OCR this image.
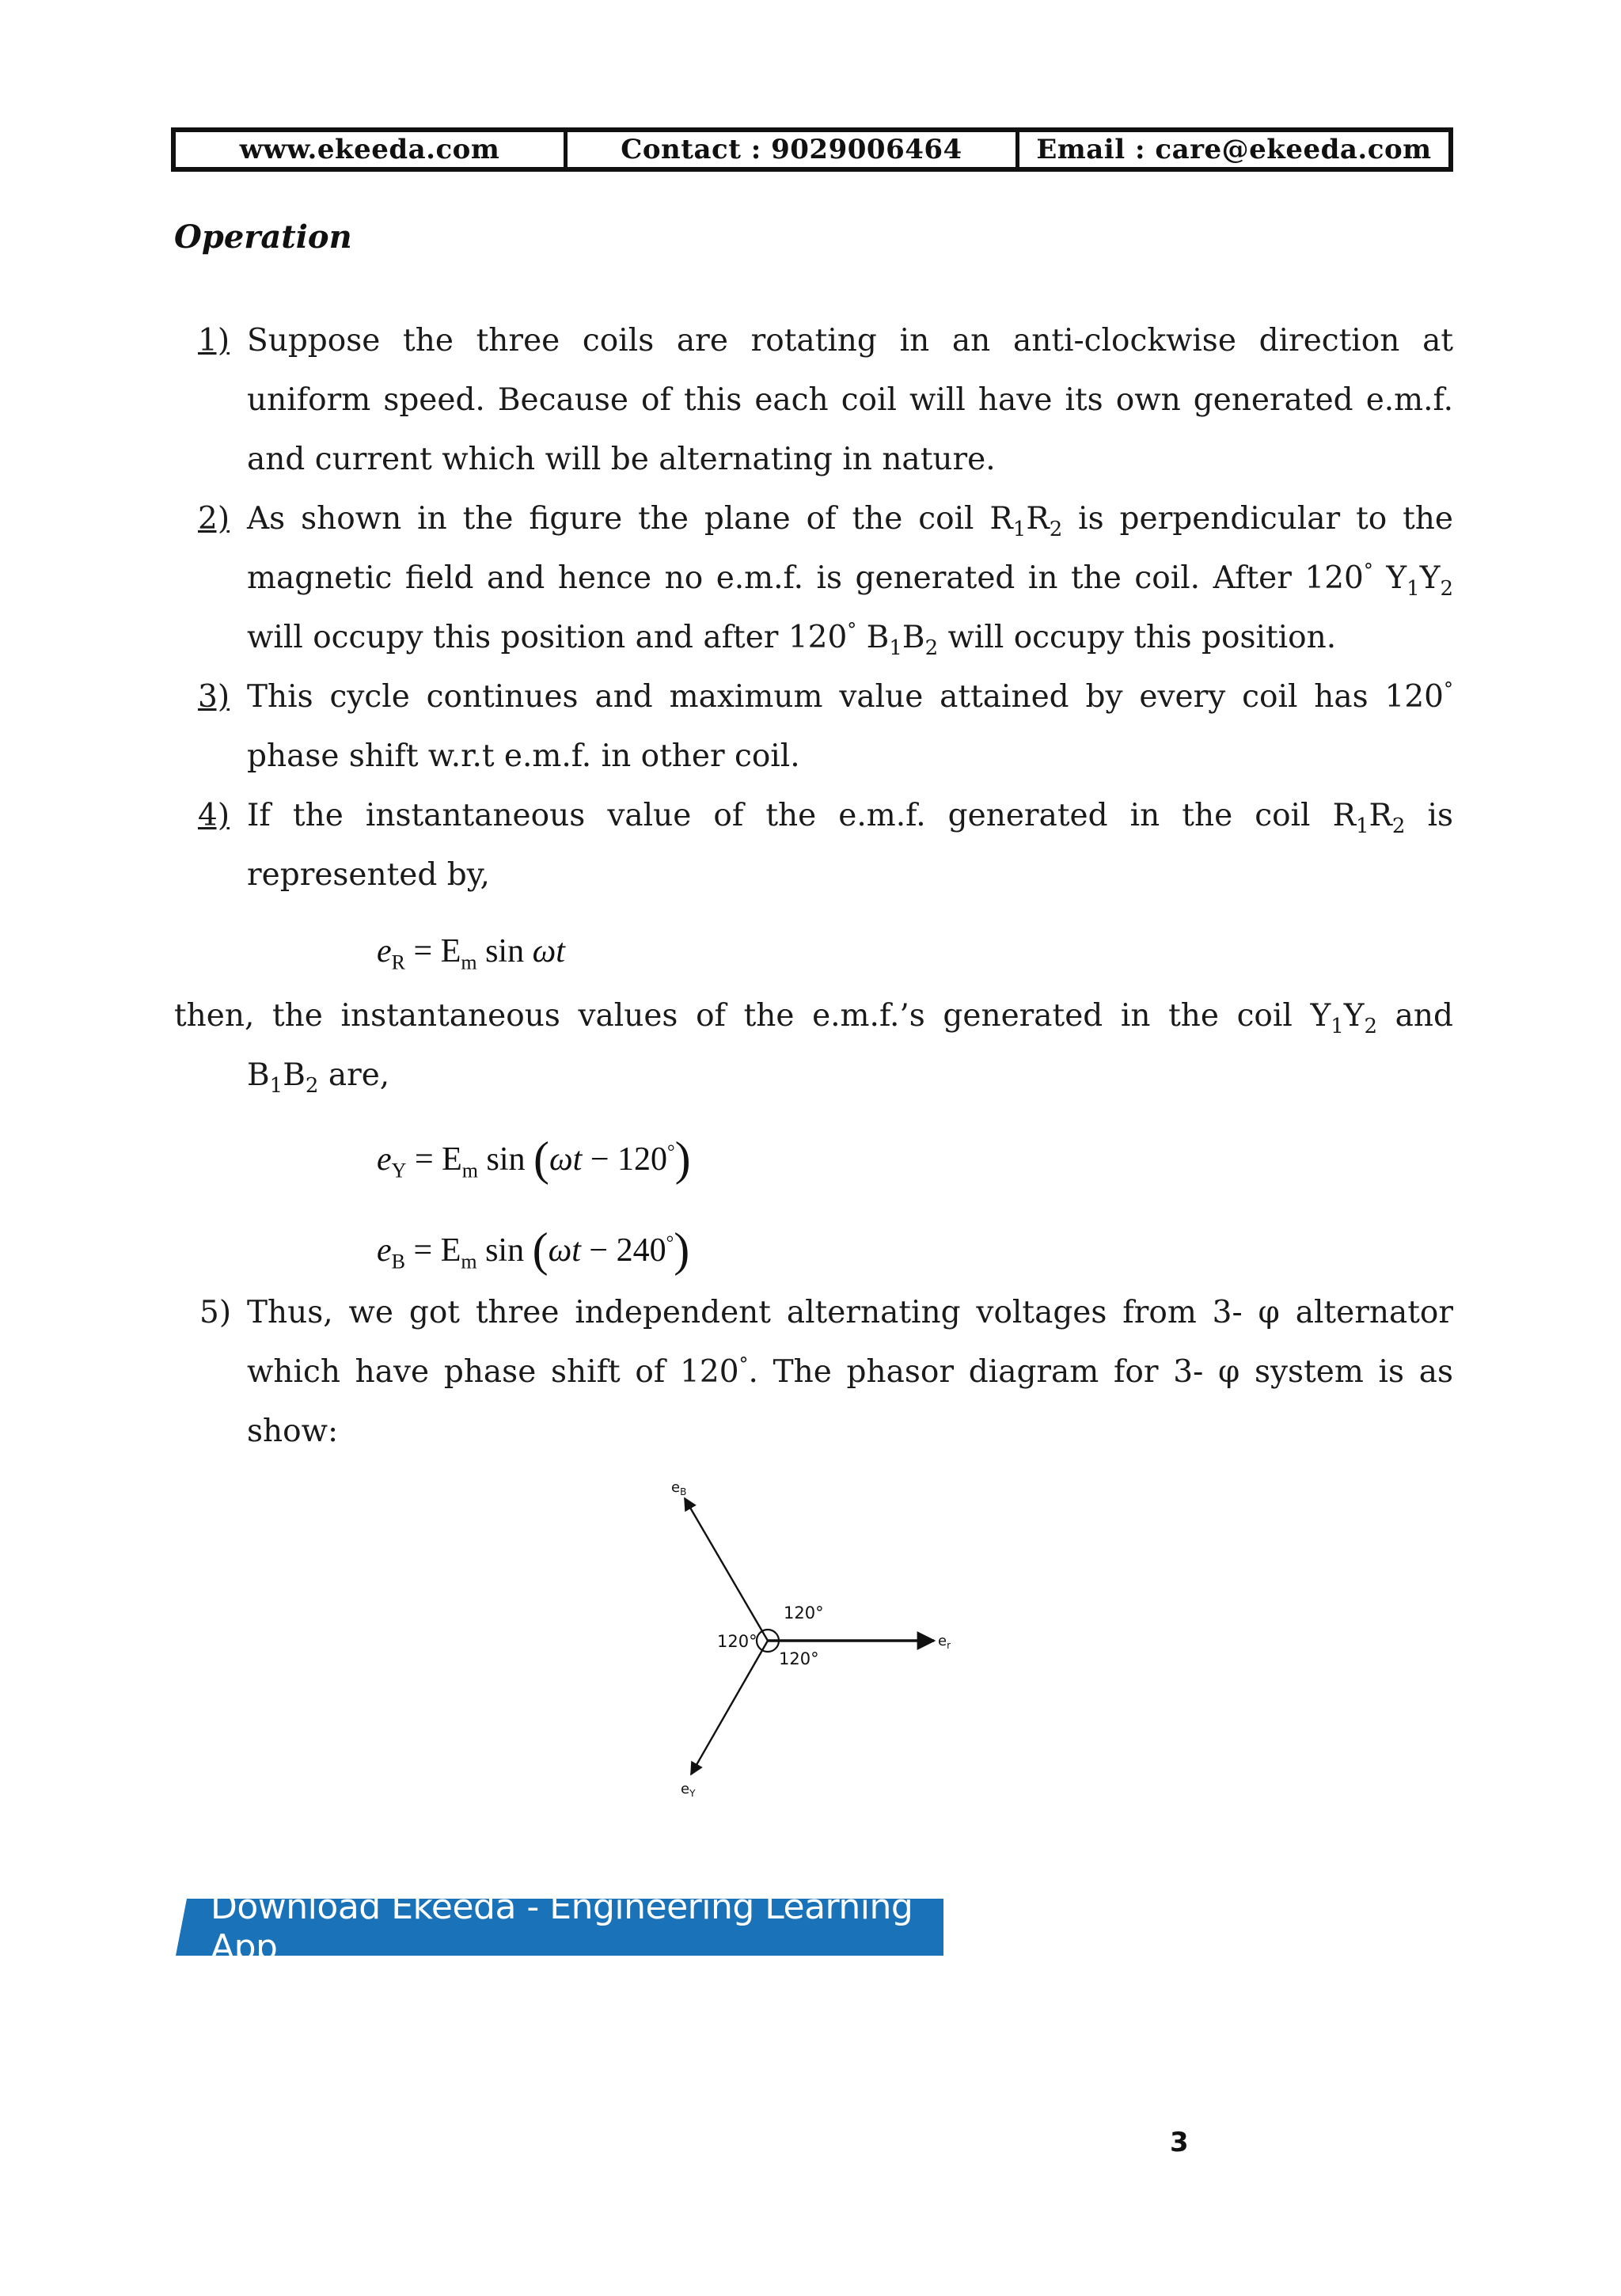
www.ekeeda.com	Contact : 9029006464	Email : care@ekeeda.com
Operation
1) Suppose the three coils are rotating in an anti-clockwise direction at uniform speed. Because of this each coil will have its own generated e.m.f. and current which will be alternating in nature.
2) As shown in the figure the plane of the coil $R_1R_2$ is perpendicular to the magnetic field and hence no e.m.f. is generated in the coil. After 120° $Y_1Y_2$ will occupy this position and after 120° $B_1B_2$ will occupy this position.
3) This cycle continues and maximum value attained by every coil has 120° phase shift w.r.t e.m.f. in other coil.
4) If the instantaneous value of the e.m.f. generated in the coil $R_1R_2$ is represented by,
$e_R = E_m$ sin ωt
then, the instantaneous values of the e.m.f.’s generated in the coil $Y_1Y_2$ and
$B_1B_2$ are,
$e_Y = E_m$ sin (ωt − 120°)
$e_B = E_m$ sin (ωt − 240°)
5) Thus, we got three independent alternating voltages from 3- φ alternator which have phase shift of 120°. The phasor diagram for 3- φ system is as show:
120°
120°
120°
$e_B$
$e_r$
$e_Y$
Download Ekeeda - Engineering Learning App
3
